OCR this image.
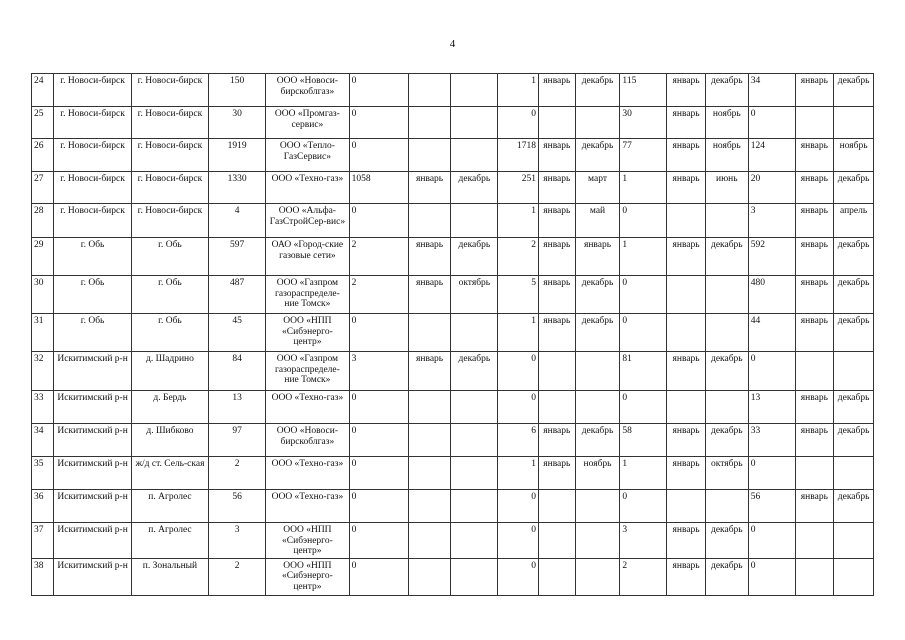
4
24	г. Новоси-бирск	г. Новоси-бирск	150	ООО «Новоси-бирскоблгаз»	0			1	январь	декабрь	115	январь	декабрь	34	январь	декабрь
25	г. Новоси-бирск	г. Новоси-бирск	30	ООО «Промгаз-сервис»	0			0			30	январь	ноябрь	0		
26	г. Новоси-бирск	г. Новоси-бирск	1919	ООО «Тепло-ГазСервис»	0			1718	январь	декабрь	77	январь	ноябрь	124	январь	ноябрь
27	г. Новоси-бирск	г. Новоси-бирск	1330	ООО «Техно-газ»	1058	январь	декабрь	251	январь	март	1	январь	июнь	20	январь	декабрь
28	г. Новоси-бирск	г. Новоси-бирск	4	ООО «Альфа-ГазСтройСер-вис»	0			1	январь	май	0			3	январь	апрель
29	г. Обь	г. Обь	597	ОАО «Город-ские газовые сети»	2	январь	декабрь	2	январь	январь	1	январь	декабрь	592	январь	декабрь
30	г. Обь	г. Обь	487	ООО «Газпром газораспределе-ние Томск»	2	январь	октябрь	5	январь	декабрь	0			480	январь	декабрь
31	г. Обь	г. Обь	45	ООО «НПП «Сибэнерго-центр»	0			1	январь	декабрь	0			44	январь	декабрь
32	Искитимский р-н	д. Шадрино	84	ООО «Газпром газораспределе-ние Томск»	3	январь	декабрь	0			81	январь	декабрь	0		
33	Искитимский р-н	д. Бердь	13	ООО «Техно-газ»	0			0			0			13	январь	декабрь
34	Искитимский р-н	д. Шибково	97	ООО «Новоси-бирскоблгаз»	0			6	январь	декабрь	58	январь	декабрь	33	январь	декабрь
35	Искитимский р-н	ж/д ст. Сель-ская	2	ООО «Техно-газ»	0			1	январь	ноябрь	1	январь	октябрь	0		
36	Искитимский р-н	п. Агролес	56	ООО «Техно-газ»	0			0			0			56	январь	декабрь
37	Искитимский р-н	п. Агролес	3	ООО «НПП «Сибэнерго-центр»	0			0			3	январь	декабрь	0		
38	Искитимский р-н	п. Зональный	2	ООО «НПП «Сибэнерго-центр»	0			0			2	январь	декабрь	0		
